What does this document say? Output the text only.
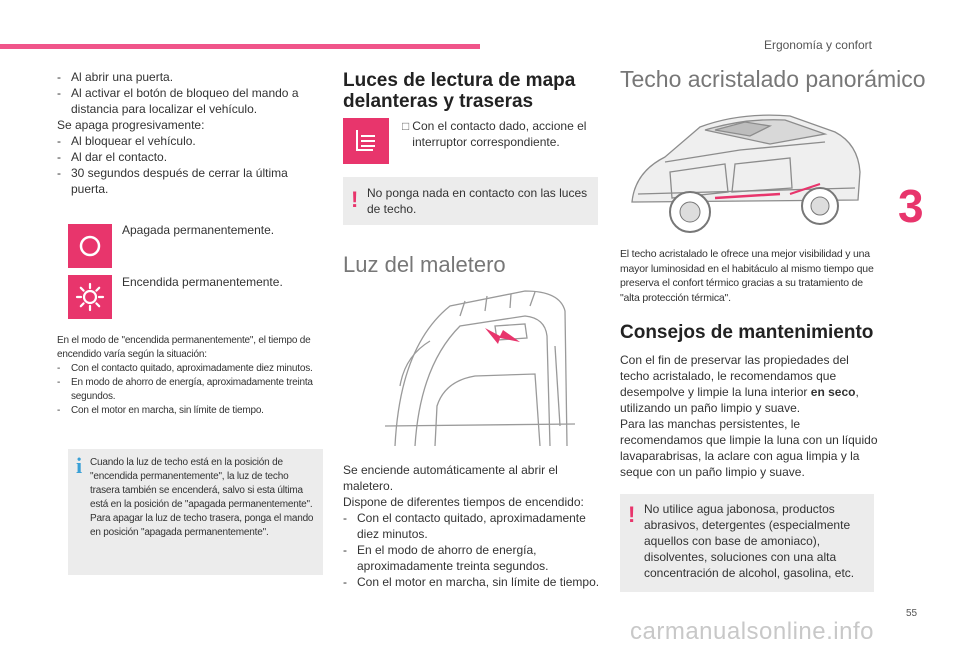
Ergonomía y confort
3
- Al abrir una puerta.
- Al activar el botón de bloqueo del mando a distancia para localizar el vehículo.
Se apaga progresivamente:
- Al bloquear el vehículo.
- Al dar el contacto.
- 30 segundos después de cerrar la última puerta.
Apagada permanentemente.
Encendida permanentemente.
En el modo de "encendida permanentemente", el tiempo de encendido varía según la situación:
- Con el contacto quitado, aproximadamente diez minutos.
- En modo de ahorro de energía, aproximadamente treinta segundos.
- Con el motor en marcha, sin límite de tiempo.
i Cuando la luz de techo está en la posición de "encendida permanentemente", la luz de techo trasera también se encenderá, salvo si esta última está en la posición de "apagada permanentemente".
Para apagar la luz de techo trasera, ponga el mando en posición "apagada permanentemente".
Luces de lectura de mapa
delanteras y traseras
□ Con el contacto dado, accione el interruptor correspondiente.
! No ponga nada en contacto con las luces de techo.
Luz del maletero
Se enciende automáticamente al abrir el maletero.
Dispone de diferentes tiempos de encendido:
- Con el contacto quitado, aproximadamente diez minutos.
- En el modo de ahorro de energía, aproximadamente treinta segundos.
- Con el motor en marcha, sin límite de tiempo.
Techo acristalado panorámico
El techo acristalado le ofrece una mejor visibilidad y una mayor luminosidad en el habitáculo al mismo tiempo que preserva el confort térmico gracias a su tratamiento de "alta protección térmica".
Consejos de mantenimiento
Con el fin de preservar las propiedades del techo acristalado, le recomendamos que desempolve y limpie la luna interior en seco, utilizando un paño limpio y suave.
Para las manchas persistentes, le recomendamos que limpie la luna con un líquido lavaparabrisas, la aclare con agua limpia y la seque con un paño limpio y suave.
! No utilice agua jabonosa, productos abrasivos, detergentes (especialmente aquellos con base de amoniaco), disolventes, soluciones con una alta concentración de alcohol, gasolina, etc.
55
carmanualsonline.info
